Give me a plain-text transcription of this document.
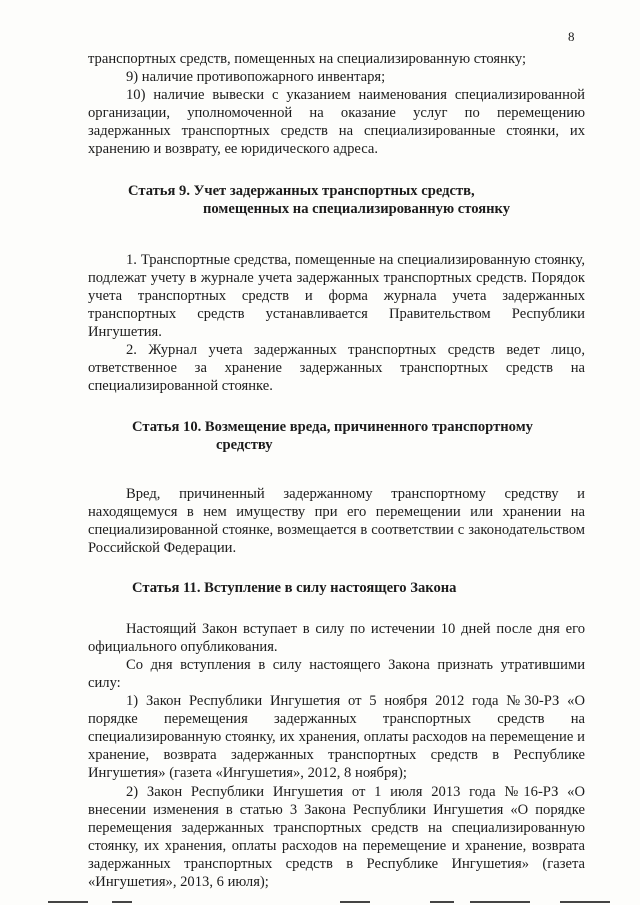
8

транспортных средств, помещенных на специализированную стоянку;

9) наличие противопожарного инвентаря;

10) наличие вывески с указанием наименования специализированной организации, уполномоченной на оказание услуг по перемещению задержанных транспортных средств на специализированные стоянки, их хранению и возврату, ее юридического адреса.

Статья 9. Учет задержанных транспортных средств,
помещенных на специализированную стоянку

1. Транспортные средства, помещенные на специализированную стоянку, подлежат учету в журнале учета задержанных транспортных средств. Порядок учета транспортных средств и форма журнала учета задержанных транспортных средств устанавливается Правительством Республики Ингушетия.

2. Журнал учета задержанных транспортных средств ведет лицо, ответственное за хранение задержанных транспортных средств на специализированной стоянке.

Статья 10. Возмещение вреда, причиненного транспортному
средству

Вред, причиненный задержанному транспортному средству и находящемуся в нем имуществу при его перемещении или хранении на специализированной стоянке, возмещается в соответствии с законодательством Российской Федерации.

Статья 11. Вступление в силу настоящего Закона

Настоящий Закон вступает в силу по истечении 10 дней после дня его официального опубликования.

Со дня вступления в силу настоящего Закона признать утратившими силу:

1) Закон Республики Ингушетия от 5 ноября 2012 года №30-РЗ «О порядке перемещения задержанных транспортных средств на специализированную стоянку, их хранения, оплаты расходов на перемещение и хранение, возврата задержанных транспортных средств в Республике Ингушетия» (газета «Ингушетия», 2012, 8 ноября);

2) Закон Республики Ингушетия от 1 июля 2013 года №16-РЗ «О внесении изменения в статью 3 Закона Республики Ингушетия «О порядке перемещения задержанных транспортных средств на специализированную стоянку, их хранения, оплаты расходов на перемещение и хранение, возврата задержанных транспортных средств в Республике Ингушетия» (газета «Ингушетия», 2013, 6 июля);
